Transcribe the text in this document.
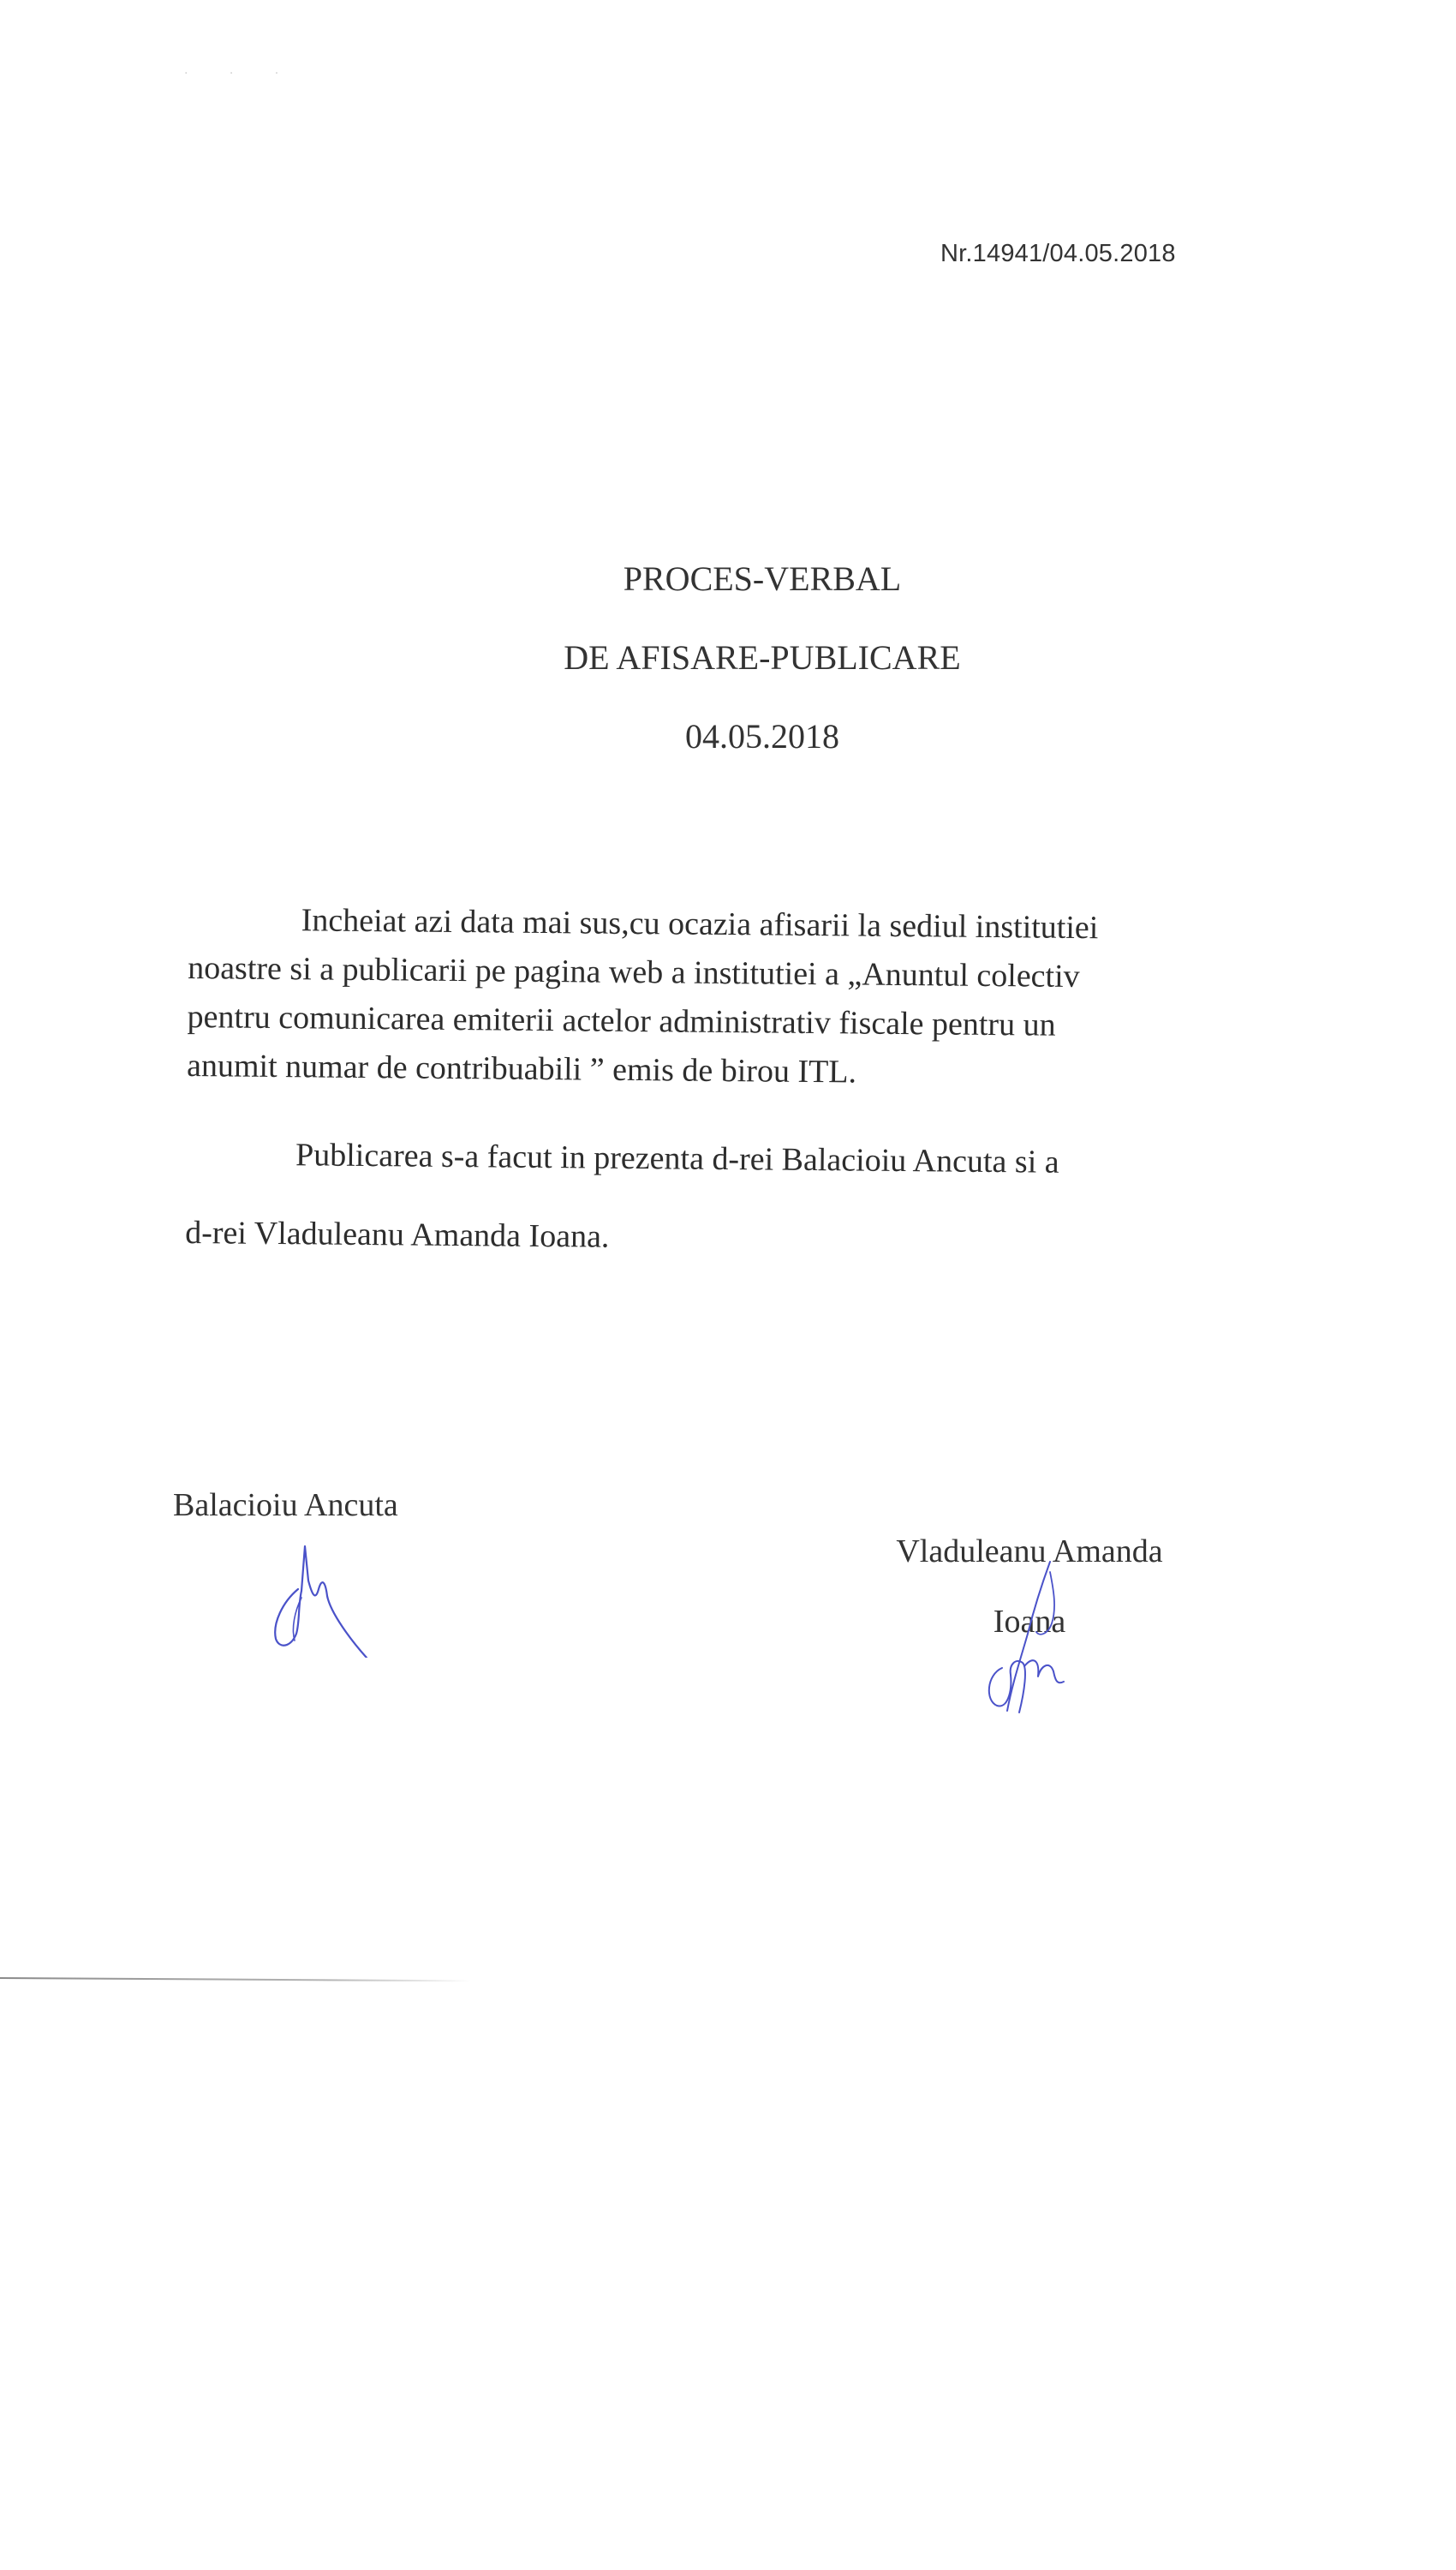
· · ·
Nr.14941/04.05.2018
PROCES-VERBAL
DE AFISARE-PUBLICARE
04.05.2018

Incheiat azi data mai sus,cu ocazia afisarii la sediul institutiei
noastre si a publicarii pe pagina web a institutiei a „Anuntul colectiv
pentru comunicarea emiterii actelor administrativ fiscale pentru un
anumit numar de contribuabili ” emis de birou ITL.

Publicarea s-a facut in prezenta d-rei Balacioiu Ancuta si a
d-rei Vladuleanu Amanda Ioana.

Balacioiu Ancuta
Vladuleanu Amanda
Ioana
